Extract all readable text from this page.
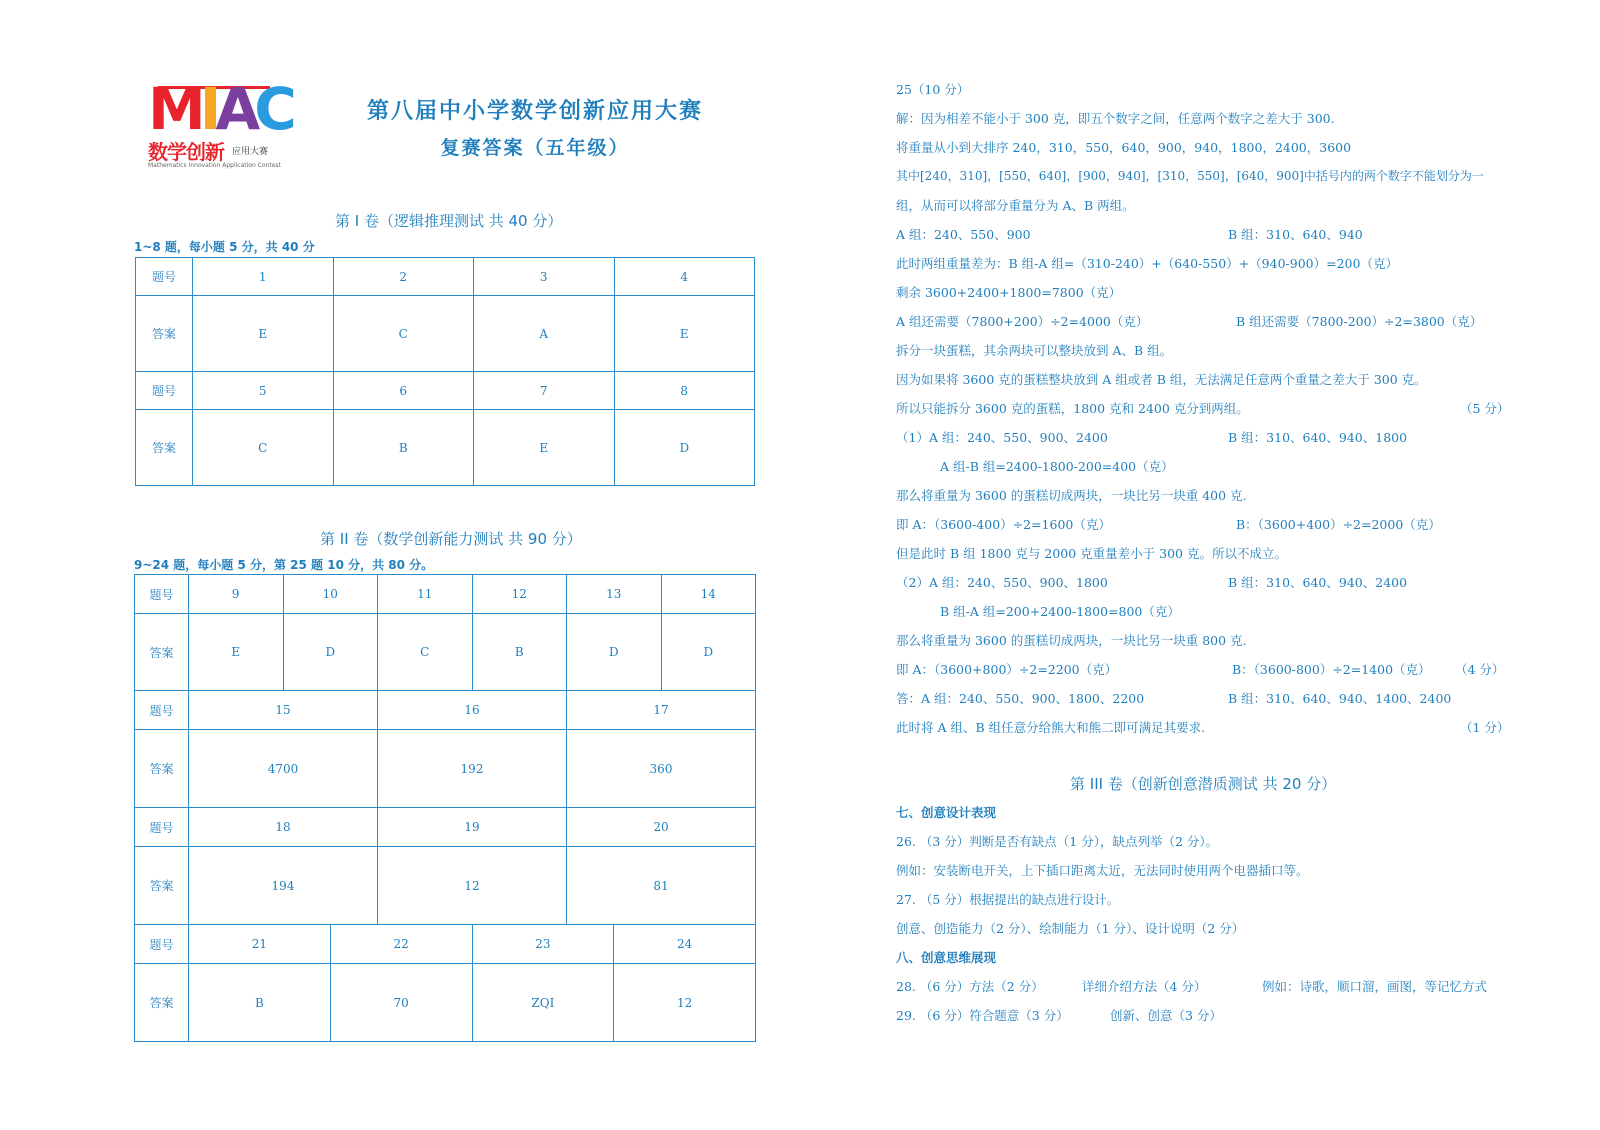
MIAC
数学创新 应用大赛
Mathematics Innovation Application Contest
第八届中小学数学创新应用大赛
复赛答案（五年级）
第 I 卷（逻辑推理测试 共 40 分）
1~8 题，每小题 5 分，共 40 分
题号	1	2	3	4
答案	E	C	A	E
题号	5	6	7	8
答案	C	B	E	D
第 II 卷（数学创新能力测试 共 90 分）
9~24 题，每小题 5 分，第 25 题 10 分，共 80 分。
题号	9	10	11	12	13	14
答案	E	D	C	B	D	D
题号	15	16	17
答案	4700	192	360
题号	18	19	20
答案	194	12	81
题号	21	22	23	24
答案	B	70	ZQI	12
25（10 分）
解：因为相差不能小于 300 克，即五个数字之间，任意两个数字之差大于 300.
将重量从小到大排序 240，310，550，640，900，940，1800，2400，3600
其中[240，310]，[550，640]，[900，940]，[310，550]，[640，900]中括号内的两个数字不能划分为一
组，从而可以将部分重量分为 A、B 两组。
A 组：240、550、900	B 组：310、640、940
此时两组重量差为：B 组-A 组=（310-240）+（640-550）+（940-900）=200（克）
剩余 3600+2400+1800=7800（克）
A 组还需要（7800+200）÷2=4000（克）	B 组还需要（7800-200）÷2=3800（克）
拆分一块蛋糕，其余两块可以整块放到 A、B 组。
因为如果将 3600 克的蛋糕整块放到 A 组或者 B 组，无法满足任意两个重量之差大于 300 克。
所以只能拆分 3600 克的蛋糕，1800 克和 2400 克分到两组。	（5 分）
（1）A 组：240、550、900、2400	B 组：310、640、940、1800
A 组-B 组=2400-1800-200=400（克）
那么将重量为 3600 的蛋糕切成两块，一块比另一块重 400 克.
即 A：（3600-400）÷2=1600（克）	B：（3600+400）÷2=2000（克）
但是此时 B 组 1800 克与 2000 克重量差小于 300 克。所以不成立。
（2）A 组：240、550、900、1800	B 组：310、640、940、2400
B 组-A 组=200+2400-1800=800（克）
那么将重量为 3600 的蛋糕切成两块，一块比另一块重 800 克.
即 A：（3600+800）÷2=2200（克）	B：（3600-800）÷2=1400（克） （4 分）
答：A 组：240、550、900、1800、2200	B 组：310、640、940、1400、2400
此时将 A 组、B 组任意分给熊大和熊二即可满足其要求.	（1 分）
第 III 卷（创新创意潜质测试 共 20 分）
七、创意设计表现
26. （3 分）判断是否有缺点（1 分），缺点列举（2 分）。
例如：安装断电开关，上下插口距离太近，无法同时使用两个电器插口等。
27. （5 分）根据提出的缺点进行设计。
创意、创造能力（2 分）、绘制能力（1 分）、设计说明（2 分）
八、创意思维展现
28. （6 分）方法（2 分）	详细介绍方法（4 分）	例如：诗歌，顺口溜，画图，等记忆方式
29. （6 分）符合题意（3 分）	创新、创意（3 分）
